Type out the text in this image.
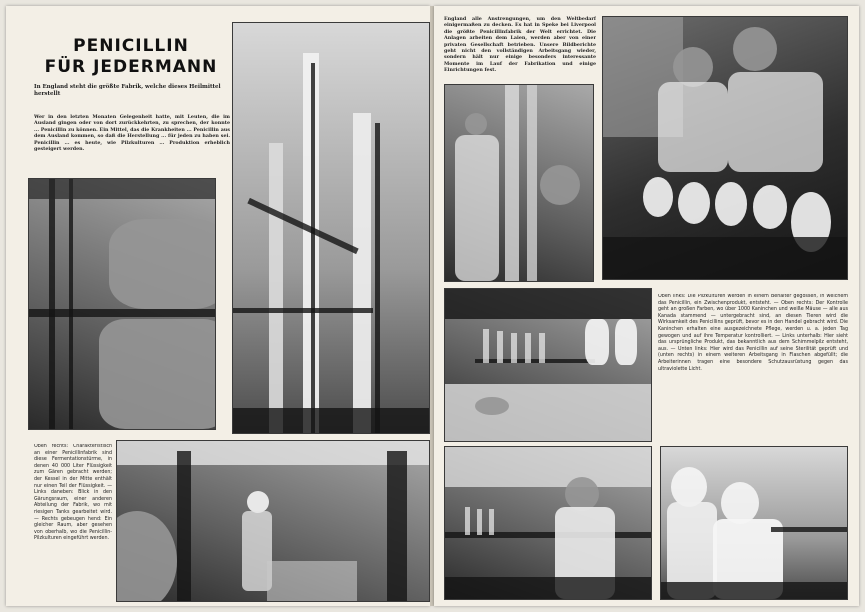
PENICILLIN
FÜR JEDERMANN
In England steht die größte Fabrik, welche dieses Heilmittel herstellt
Wer in den letzten Monaten Gelegenheit hatte, mit Leuten, die im Ausland gingen oder von dort zurückkehrten, zu sprechen, der konnte ... Penicillin zu können. Ein Mittel, das die Krankheiten ... Penicillin aus dem Ausland kommen, so daß die Herstellung ... für jeden zu haben sei. Penicillin ... es heute, wie Pilzkulturen ... Produktion erheblich gesteigert werden.
Oben rechts: Charakteristisch an einer Penicillinfabrik sind diese Fermentationstürme, in denen 40 000 Liter Flüssigkeit zum Gären gebracht werden; der Kessel in der Mitte enthält nur einen Teil der Flüssigkeit. — Links daneben: Blick in den Gärungsraum, einer anderen Abteilung der Fabrik, wo mit riesigen Tanks gearbeitet wird. — Rechts gebeugen hend: Ein gleicher Raum, aber gesehen von oberhalb, wo die Penicillin-Pilzkulturen eingeführt werden.
England alle Anstrengungen, um den Weltbedarf einigermaßen zu decken. Es hat in Speke bei Liverpool die größte Penicillinfabrik der Welt errichtet. Die Anlagen arbeiten dem Laien, werden aber von einer privaten Gesellschaft betrieben. Unsere Bildberichte geht nicht den vollständigen Arbeitsgang wieder, sondern hält nur einige besonders interessante Momente im Lauf der Fabrikation und einige Einrichtungen fest.
Oben links: Die Pilzkulturen werden in einem Behälter gegossen, in welchem das Penicillin, ein Zwischenprodukt, entsteht. — Oben rechts: Der Kontrolle geht an großen Farben, wo über 1000 Kaninchen und weiße Mäuse — alle aus Kanada stammend — untergebracht sind, an diesen Tieren wird die Wirksamkeit des Penicillins geprüft, bevor es in den Handel gebracht wird. Die Kaninchen erhalten eine ausgezeichnete Pflege, werden u. a. jeden Tag gewogen und auf ihre Temperatur kontrolliert. — Links unterhalb: Hier sieht das ursprüngliche Produkt, das bekanntlich aus dem Schimmelpilz entsteht, aus. — Unten links: Hier wird das Penicillin auf seine Sterilität geprüft und (unten rechts) in einem weiteren Arbeitsgang in Flaschen abgefüllt; die Arbeiterinnen tragen eine besondere Schutzausrüstung gegen das ultraviolette Licht.
